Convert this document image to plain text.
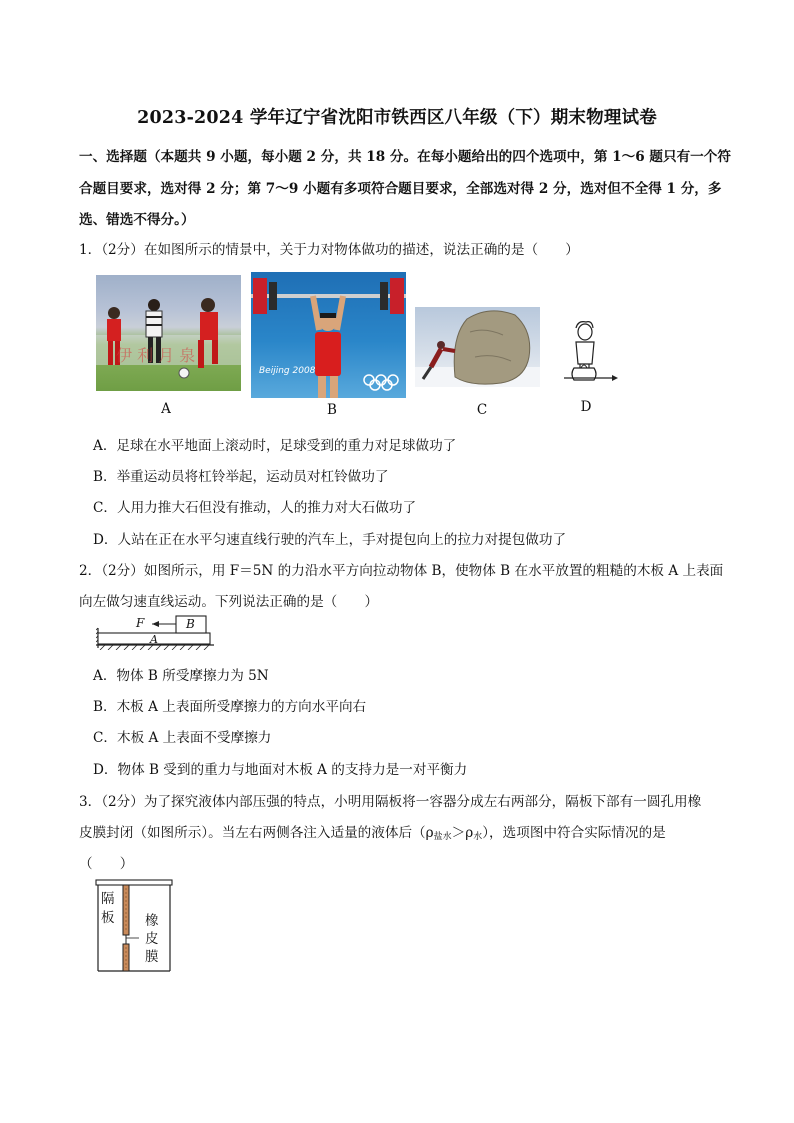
2023-2024 学年辽宁省沈阳市铁西区八年级（下）期末物理试卷
一、选择题（本题共 9 小题，每小题 2 分，共 18 分。在每小题给出的四个选项中，第 1～6 题只有一个符
合题目要求，选对得 2 分；第 7～9 小题有多项符合题目要求，全部选对得 2 分，选对但不全得 1 分，多
选、错选不得分。）
1．（2分）在如图所示的情景中，关于力对物体做功的描述，说法正确的是（　　）
伊 利 月 泉
A
Beijing 2008
B	C	D
A．足球在水平地面上滚动时，足球受到的重力对足球做功了
B．举重运动员将杠铃举起，运动员对杠铃做功了
C．人用力推大石但没有推动，人的推力对大石做功了
D．人站在正在水平匀速直线行驶的汽车上，手对提包向上的拉力对提包做功了
2．（2分）如图所示，用 F＝5N 的力沿水平方向拉动物体 B，使物体 B 在水平放置的粗糙的木板 A 上表面
向左做匀速直线运动。下列说法正确的是（　　）
F	B
A
A．物体 B 所受摩擦力为 5N
B．木板 A 上表面所受摩擦力的方向水平向右
C．木板 A 上表面不受摩擦力
D．物体 B 受到的重力与地面对木板 A 的支持力是一对平衡力
3．（2分）为了探究液体内部压强的特点，小明用隔板将一容器分成左右两部分，隔板下部有一圆孔用橡
皮膜封闭（如图所示）。当左右两侧各注入适量的液体后$(\rho_{盐水}>\rho_水)$，选项图中符合实际情况的是
（　　）
隔板 橡皮膜
